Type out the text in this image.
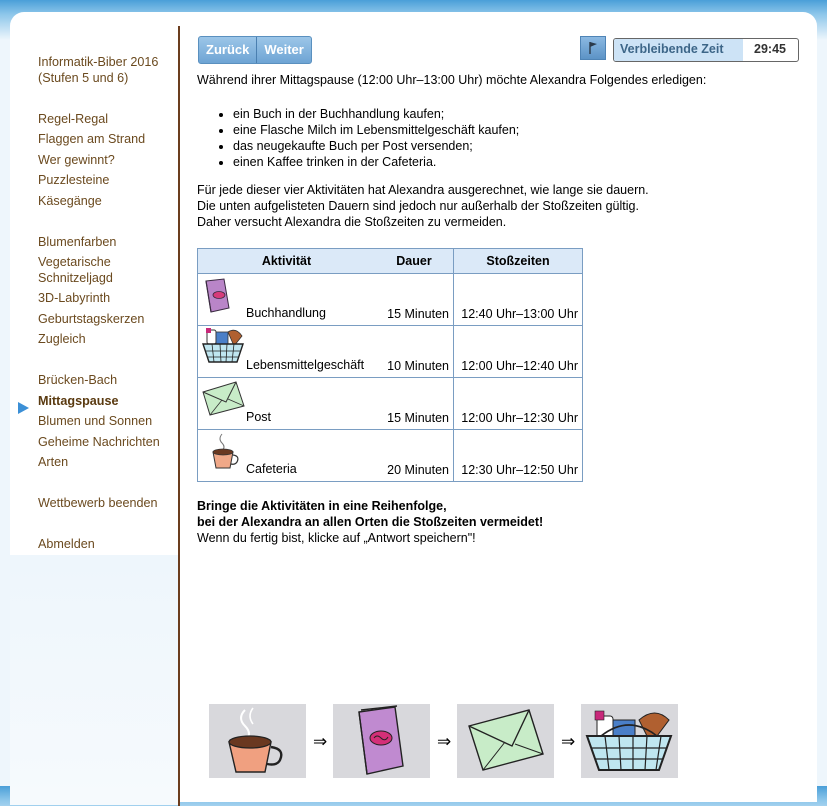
Informatik-Biber 2016
(Stufen 5 und 6)
Regel-Regal
Flaggen am Strand
Wer gewinnt?
Puzzlesteine
Käsegänge
Blumenfarben
Vegetarische
Schnitzeljagd
3D-Labyrinth
Geburtstagskerzen
Zugleich
Brücken-Bach
Mittagspause
Blumen und Sonnen
Geheime Nachrichten
Arten
Wettbewerb beenden
Abmelden
Zurück	Weiter	Verbleibende Zeit 29:45
Während ihrer Mittagspause (12:00 Uhr–13:00 Uhr) möchte Alexandra Folgendes erledigen:
• ein Buch in der Buchhandlung kaufen;
• eine Flasche Milch im Lebensmittelgeschäft kaufen;
• das neugekaufte Buch per Post versenden;
• einen Kaffee trinken in der Cafeteria.
Für jede dieser vier Aktivitäten hat Alexandra ausgerechnet, wie lange sie dauern.
Die unten aufgelisteten Dauern sind jedoch nur außerhalb der Stoßzeiten gültig.
Daher versucht Alexandra die Stoßzeiten zu vermeiden.
Aktivität	Dauer	Stoßzeiten

Buchhandlung	15 Minuten	12:40 Uhr–13:00 Uhr

Lebensmittelgeschäft	10 Minuten	12:00 Uhr–12:40 Uhr

Post	15 Minuten	12:00 Uhr–12:30 Uhr

Cafeteria	20 Minuten	12:30 Uhr–12:50 Uhr
Bringe die Aktivitäten in eine Reihenfolge,
bei der Alexandra an allen Orten die Stoßzeiten vermeidet!
Wenn du fertig bist, klicke auf „Antwort speichern"!
⇒	⇒	⇒
